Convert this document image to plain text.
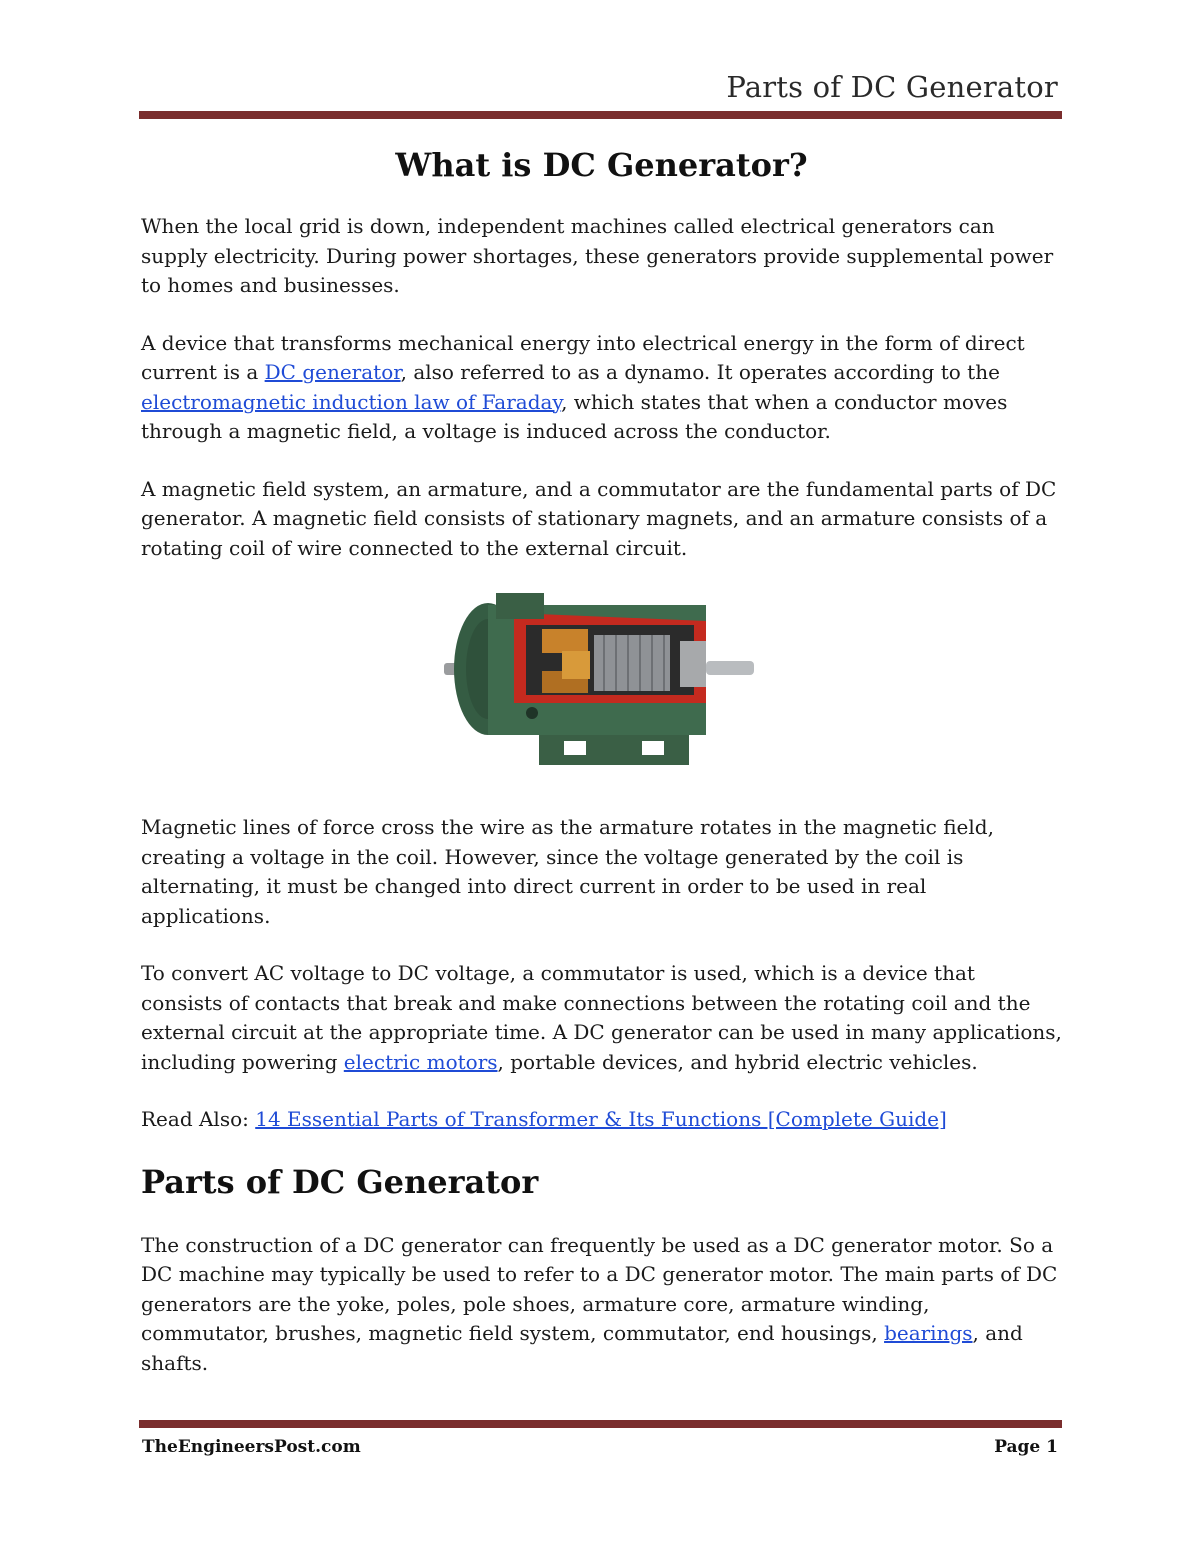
Parts of DC Generator
What is DC Generator?

When the local grid is down, independent machines called electrical generators can supply electricity. During power shortages, these generators provide supplemental power to homes and businesses.

A device that transforms mechanical energy into electrical energy in the form of direct current is a DC generator, also referred to as a dynamo. It operates according to the electromagnetic induction law of Faraday, which states that when a conductor moves through a magnetic field, a voltage is induced across the conductor.

A magnetic field system, an armature, and a commutator are the fundamental parts of DC generator. A magnetic field consists of stationary magnets, and an armature consists of a rotating coil of wire connected to the external circuit.

Magnetic lines of force cross the wire as the armature rotates in the magnetic field, creating a voltage in the coil. However, since the voltage generated by the coil is alternating, it must be changed into direct current in order to be used in real applications.

To convert AC voltage to DC voltage, a commutator is used, which is a device that consists of contacts that break and make connections between the rotating coil and the external circuit at the appropriate time. A DC generator can be used in many applications, including powering electric motors, portable devices, and hybrid electric vehicles.

Read Also: 14 Essential Parts of Transformer & Its Functions [Complete Guide]

Parts of DC Generator

The construction of a DC generator can frequently be used as a DC generator motor. So a DC machine may typically be used to refer to a DC generator motor. The main parts of DC generators are the yoke, poles, pole shoes, armature core, armature winding, commutator, brushes, magnetic field system, commutator, end housings, bearings, and shafts.

TheEngineersPost.com	Page 1
